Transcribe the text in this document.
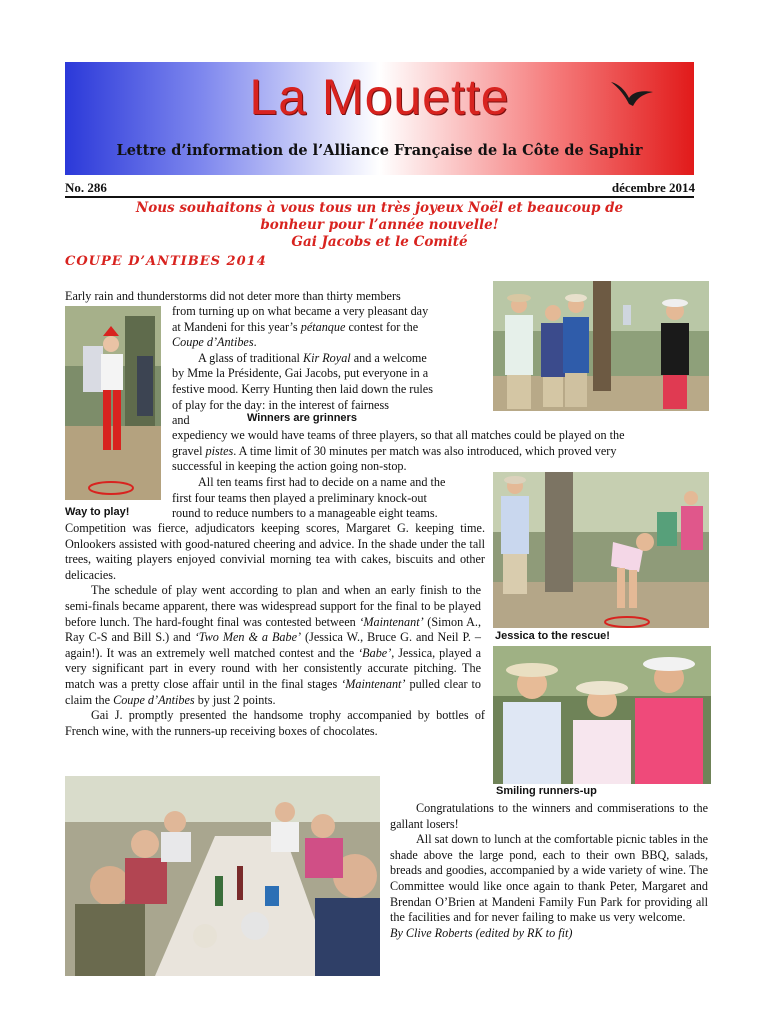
La Mouette
Lettre d’information de l’Alliance Française de la Côte de Saphir
No. 286	décembre 2014
Nous souhaitons à vous tous un très joyeux Noël et beaucoup de
bonheur pour l’année nouvelle!
Gai Jacobs et le Comité
COUPE D’ANTIBES 2014
Way to play!
Winners are grinners
Jessica to the rescue!
Smiling runners-up

Early rain and thunderstorms did not deter more than thirty members

from turning up on what became a very pleasant day

at Mandeni for this year’s pétanque contest for the

Coupe d’Antibes.

A glass of traditional Kir Royal and a welcome

by Mme la Présidente, Gai Jacobs, put everyone in a

festive mood. Kerry Hunting then laid down the rules

of play for the day: in the interest of fairness

and

expediency we would have teams of three players, so that all matches could be played on the

gravel pistes. A time limit of 30 minutes per match was also introduced, which proved very

successful in keeping the action going non-stop.

All ten teams first had to decide on a name and the

first four teams then played a preliminary knock-out

round to reduce numbers to a manageable eight teams.

Competition was fierce, adjudicators keeping scores, Margaret G. keeping time. Onlookers assisted with good-natured cheering and advice. In the shade under the tall trees, waiting players enjoyed convivial morning tea with cakes, biscuits and other delicacies.

The schedule of play went according to plan and when an early finish to the semi-finals became apparent, there was widespread support for the final to be played before lunch. The hard-fought final was contested between ‘Maintenant’ (Simon A., Ray C-S and Bill S.) and ‘Two Men & a Babe’ (Jessica W., Bruce G. and Neil P. – again!). It was an extremely well matched contest and the ‘Babe’, Jessica, played a very significant part in every round with her consistently accurate pitching. The match was a pretty close affair until in the final stages ‘Maintenant’ pulled clear to claim the Coupe d’Antibes by just 2 points.

Gai J. promptly presented the handsome trophy accompanied by bottles of French wine, with the runners-up receiving boxes of chocolates.

Congratulations to the winners and commiserations to the gallant losers!

All sat down to lunch at the comfortable picnic tables in the shade above the large pond, each to their own BBQ, salads, breads and goodies, accompanied by a wide variety of wine. The Committee would like once again to thank Peter, Margaret and Brendan O’Brien at Mandeni Family Fun Park for providing all the facilities and for never failing to make us very welcome.        By Clive Roberts (edited by RK to fit)
